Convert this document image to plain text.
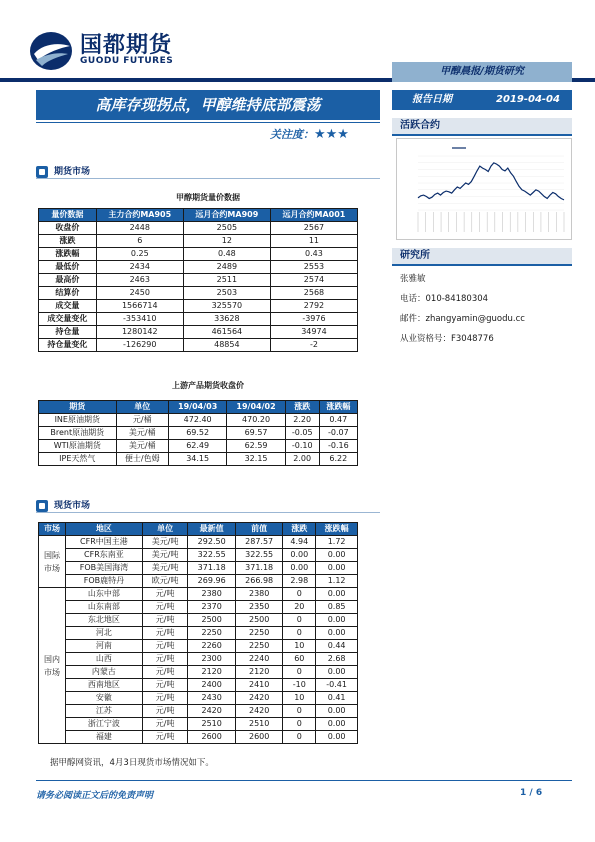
国都期货
GUODU FUTURES
甲醇晨报/期货研究
报告日期	2019-04-04
高库存现拐点，甲醇维持底部震荡
关注度：★★★
期货市场
甲醇期货量价数据
量价数据	主力合约MA905	远月合约MA909	远月合约MA001
收盘价	2448	2505	2567
涨跌	6	12	11
涨跌幅	0.25	0.48	0.43
最低价	2434	2489	2553
最高价	2463	2511	2574
结算价	2450	2503	2568
成交量	1566714	325570	2792
成交量变化	-353410	33628	-3976
持仓量	1280142	461564	34974
持仓量变化	-126290	48854	-2
上游产品期货收盘价
期货	单位	19/04/03	19/04/02	涨跌	涨跌幅
INE原油期货	元/桶	472.40	470.20	2.20	0.47
Brent原油期货	美元/桶	69.52	69.57	-0.05	-0.07
WTI原油期货	美元/桶	62.49	62.59	-0.10	-0.16
IPE天然气	便士/色姆	34.15	32.15	2.00	6.22
现货市场
市场	地区	单位	最新值	前值	涨跌	涨跌幅
国际市场	CFR中国主港	美元/吨	292.50	287.57	4.94	1.72
	CFR东南亚	美元/吨	322.55	322.55	0.00	0.00
	FOB美国海湾	美元/吨	371.18	371.18	0.00	0.00
	FOB鹿特丹	欧元/吨	269.96	266.98	2.98	1.12
国内市场	山东中部	元/吨	2380	2380	0	0.00
	山东南部	元/吨	2370	2350	20	0.85
	东北地区	元/吨	2500	2500	0	0.00
	河北	元/吨	2250	2250	0	0.00
	河南	元/吨	2260	2250	10	0.44
	山西	元/吨	2300	2240	60	2.68
	内蒙古	元/吨	2120	2120	0	0.00
	西南地区	元/吨	2400	2410	-10	-0.41
	安徽	元/吨	2430	2420	10	0.41
	江苏	元/吨	2420	2420	0	0.00
	浙江宁波	元/吨	2510	2510	0	0.00
	福建	元/吨	2600	2600	0	0.00
据甲醇网资讯，4月3日现货市场情况如下。
活跃合约
研究所
张雅敏
电话：010-84180304
邮件：zhangyamin@guodu.cc
从业资格号：F3048776
请务必阅读正文后的免责声明	1 / 6
